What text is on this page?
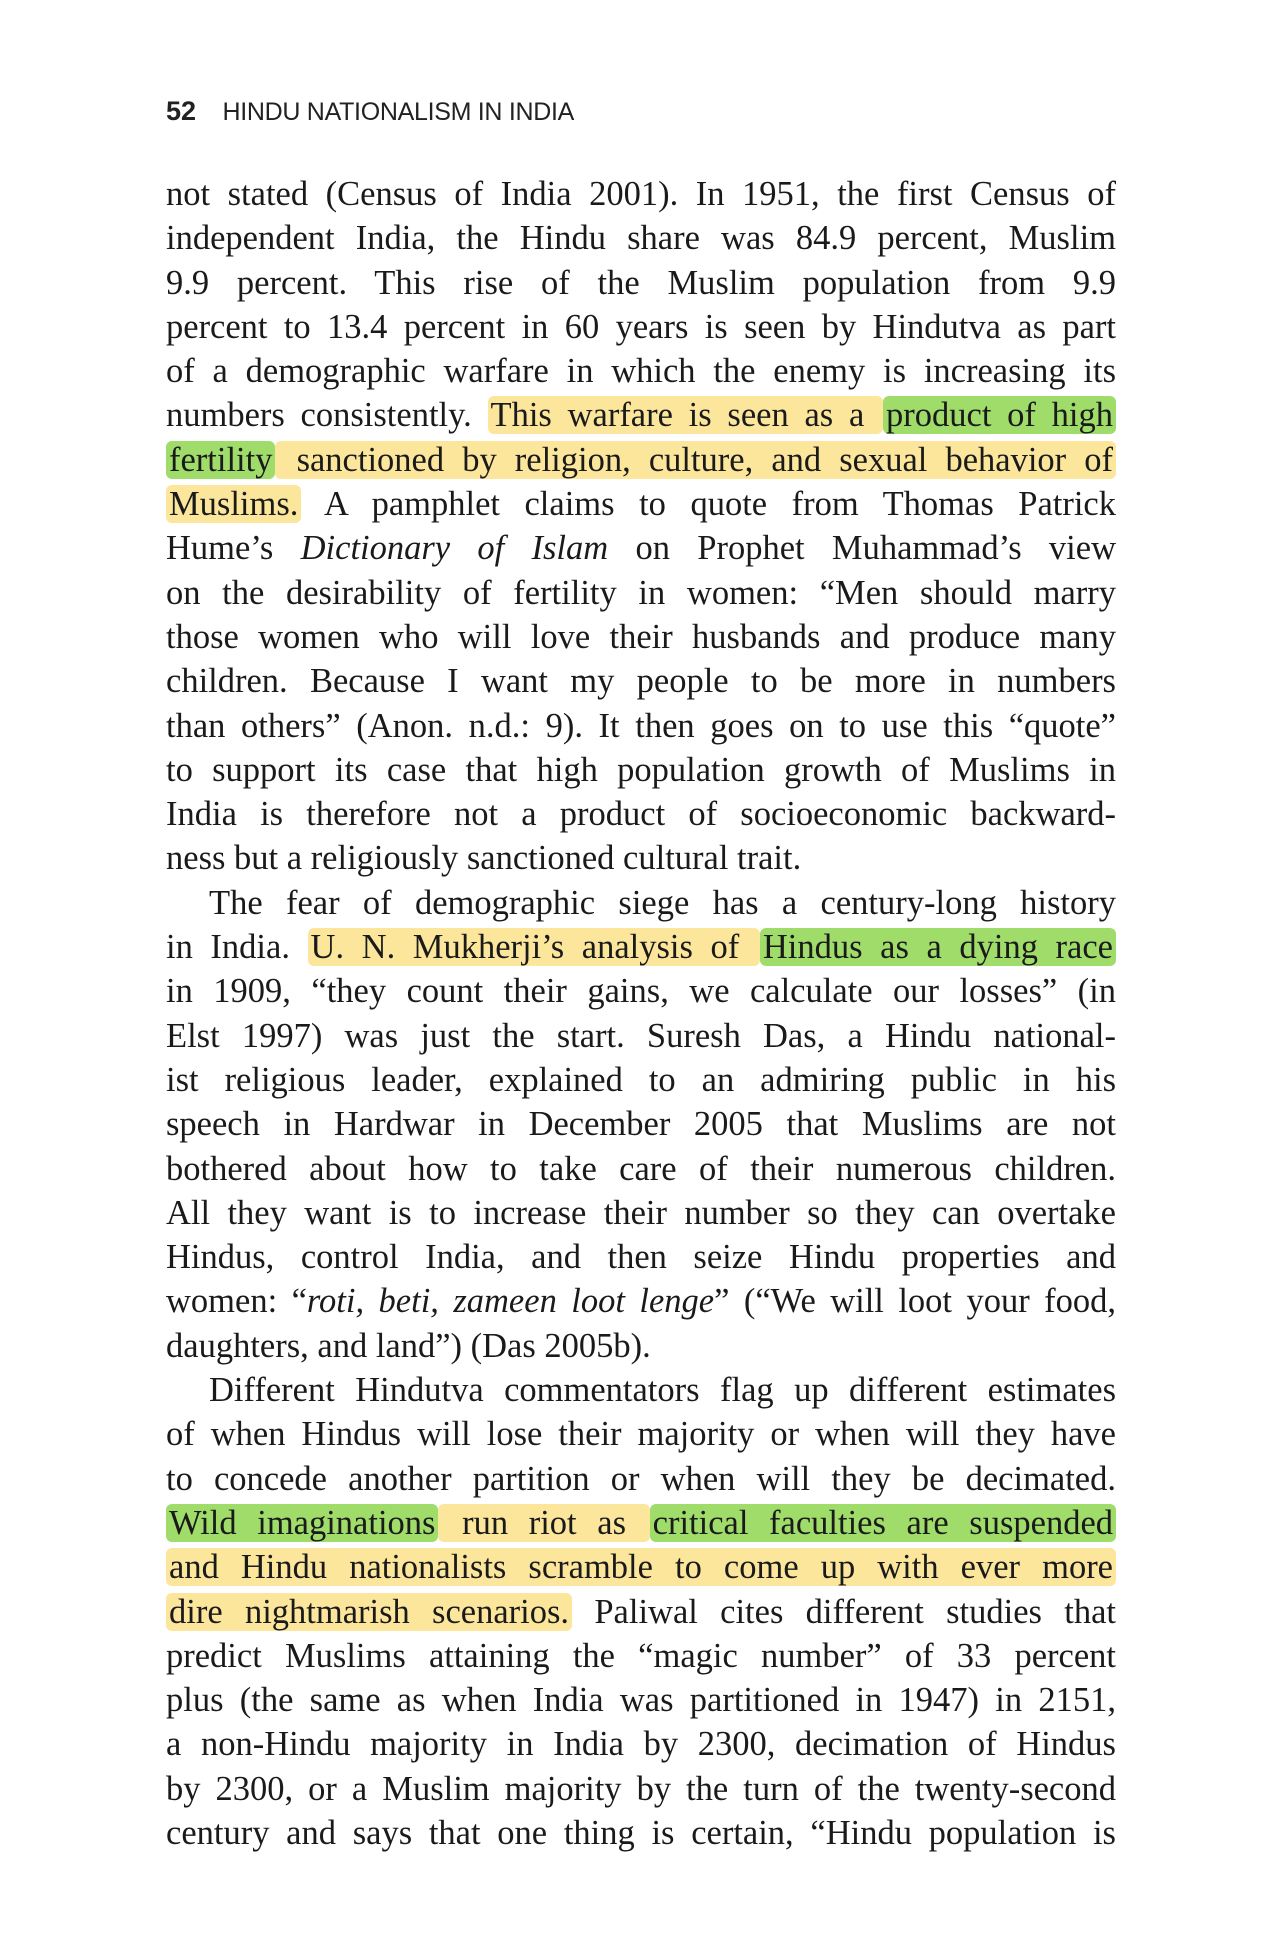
52 HINDU NATIONALISM IN INDIA
not stated (Census of India 2001). In 1951, the first Census of
independent India, the Hindu share was 84.9 percent, Muslim
9.9 percent. This rise of the Muslim population from 9.9
percent to 13.4 percent in 60 years is seen by Hindutva as part
of a demographic warfare in which the enemy is increasing its
numbers consistently. This warfare is seen as a product of high
fertility sanctioned by religion, culture, and sexual behavior of
Muslims. A pamphlet claims to quote from Thomas Patrick
Hume’s Dictionary of Islam on Prophet Muhammad’s view
on the desirability of fertility in women: “Men should marry
those women who will love their husbands and produce many
children. Because I want my people to be more in numbers
than others” (Anon. n.d.: 9). It then goes on to use this “quote”
to support its case that high population growth of Muslims in
India is therefore not a product of socioeconomic backward-
ness but a religiously sanctioned cultural trait.
The fear of demographic siege has a century-long history
in India. U. N. Mukherji’s analysis of Hindus as a dying race
in 1909, “they count their gains, we calculate our losses” (in
Elst 1997) was just the start. Suresh Das, a Hindu national-
ist religious leader, explained to an admiring public in his
speech in Hardwar in December 2005 that Muslims are not
bothered about how to take care of their numerous children.
All they want is to increase their number so they can overtake
Hindus, control India, and then seize Hindu properties and
women: “roti, beti, zameen loot lenge” (“We will loot your food,
daughters, and land”) (Das 2005b).
Different Hindutva commentators flag up different estimates
of when Hindus will lose their majority or when will they have
to concede another partition or when will they be decimated.
Wild imaginations run riot as critical faculties are suspended
and Hindu nationalists scramble to come up with ever more
dire nightmarish scenarios. Paliwal cites different studies that
predict Muslims attaining the “magic number” of 33 percent
plus (the same as when India was partitioned in 1947) in 2151,
a non-Hindu majority in India by 2300, decimation of Hindus
by 2300, or a Muslim majority by the turn of the twenty-second
century and says that one thing is certain, “Hindu population is
